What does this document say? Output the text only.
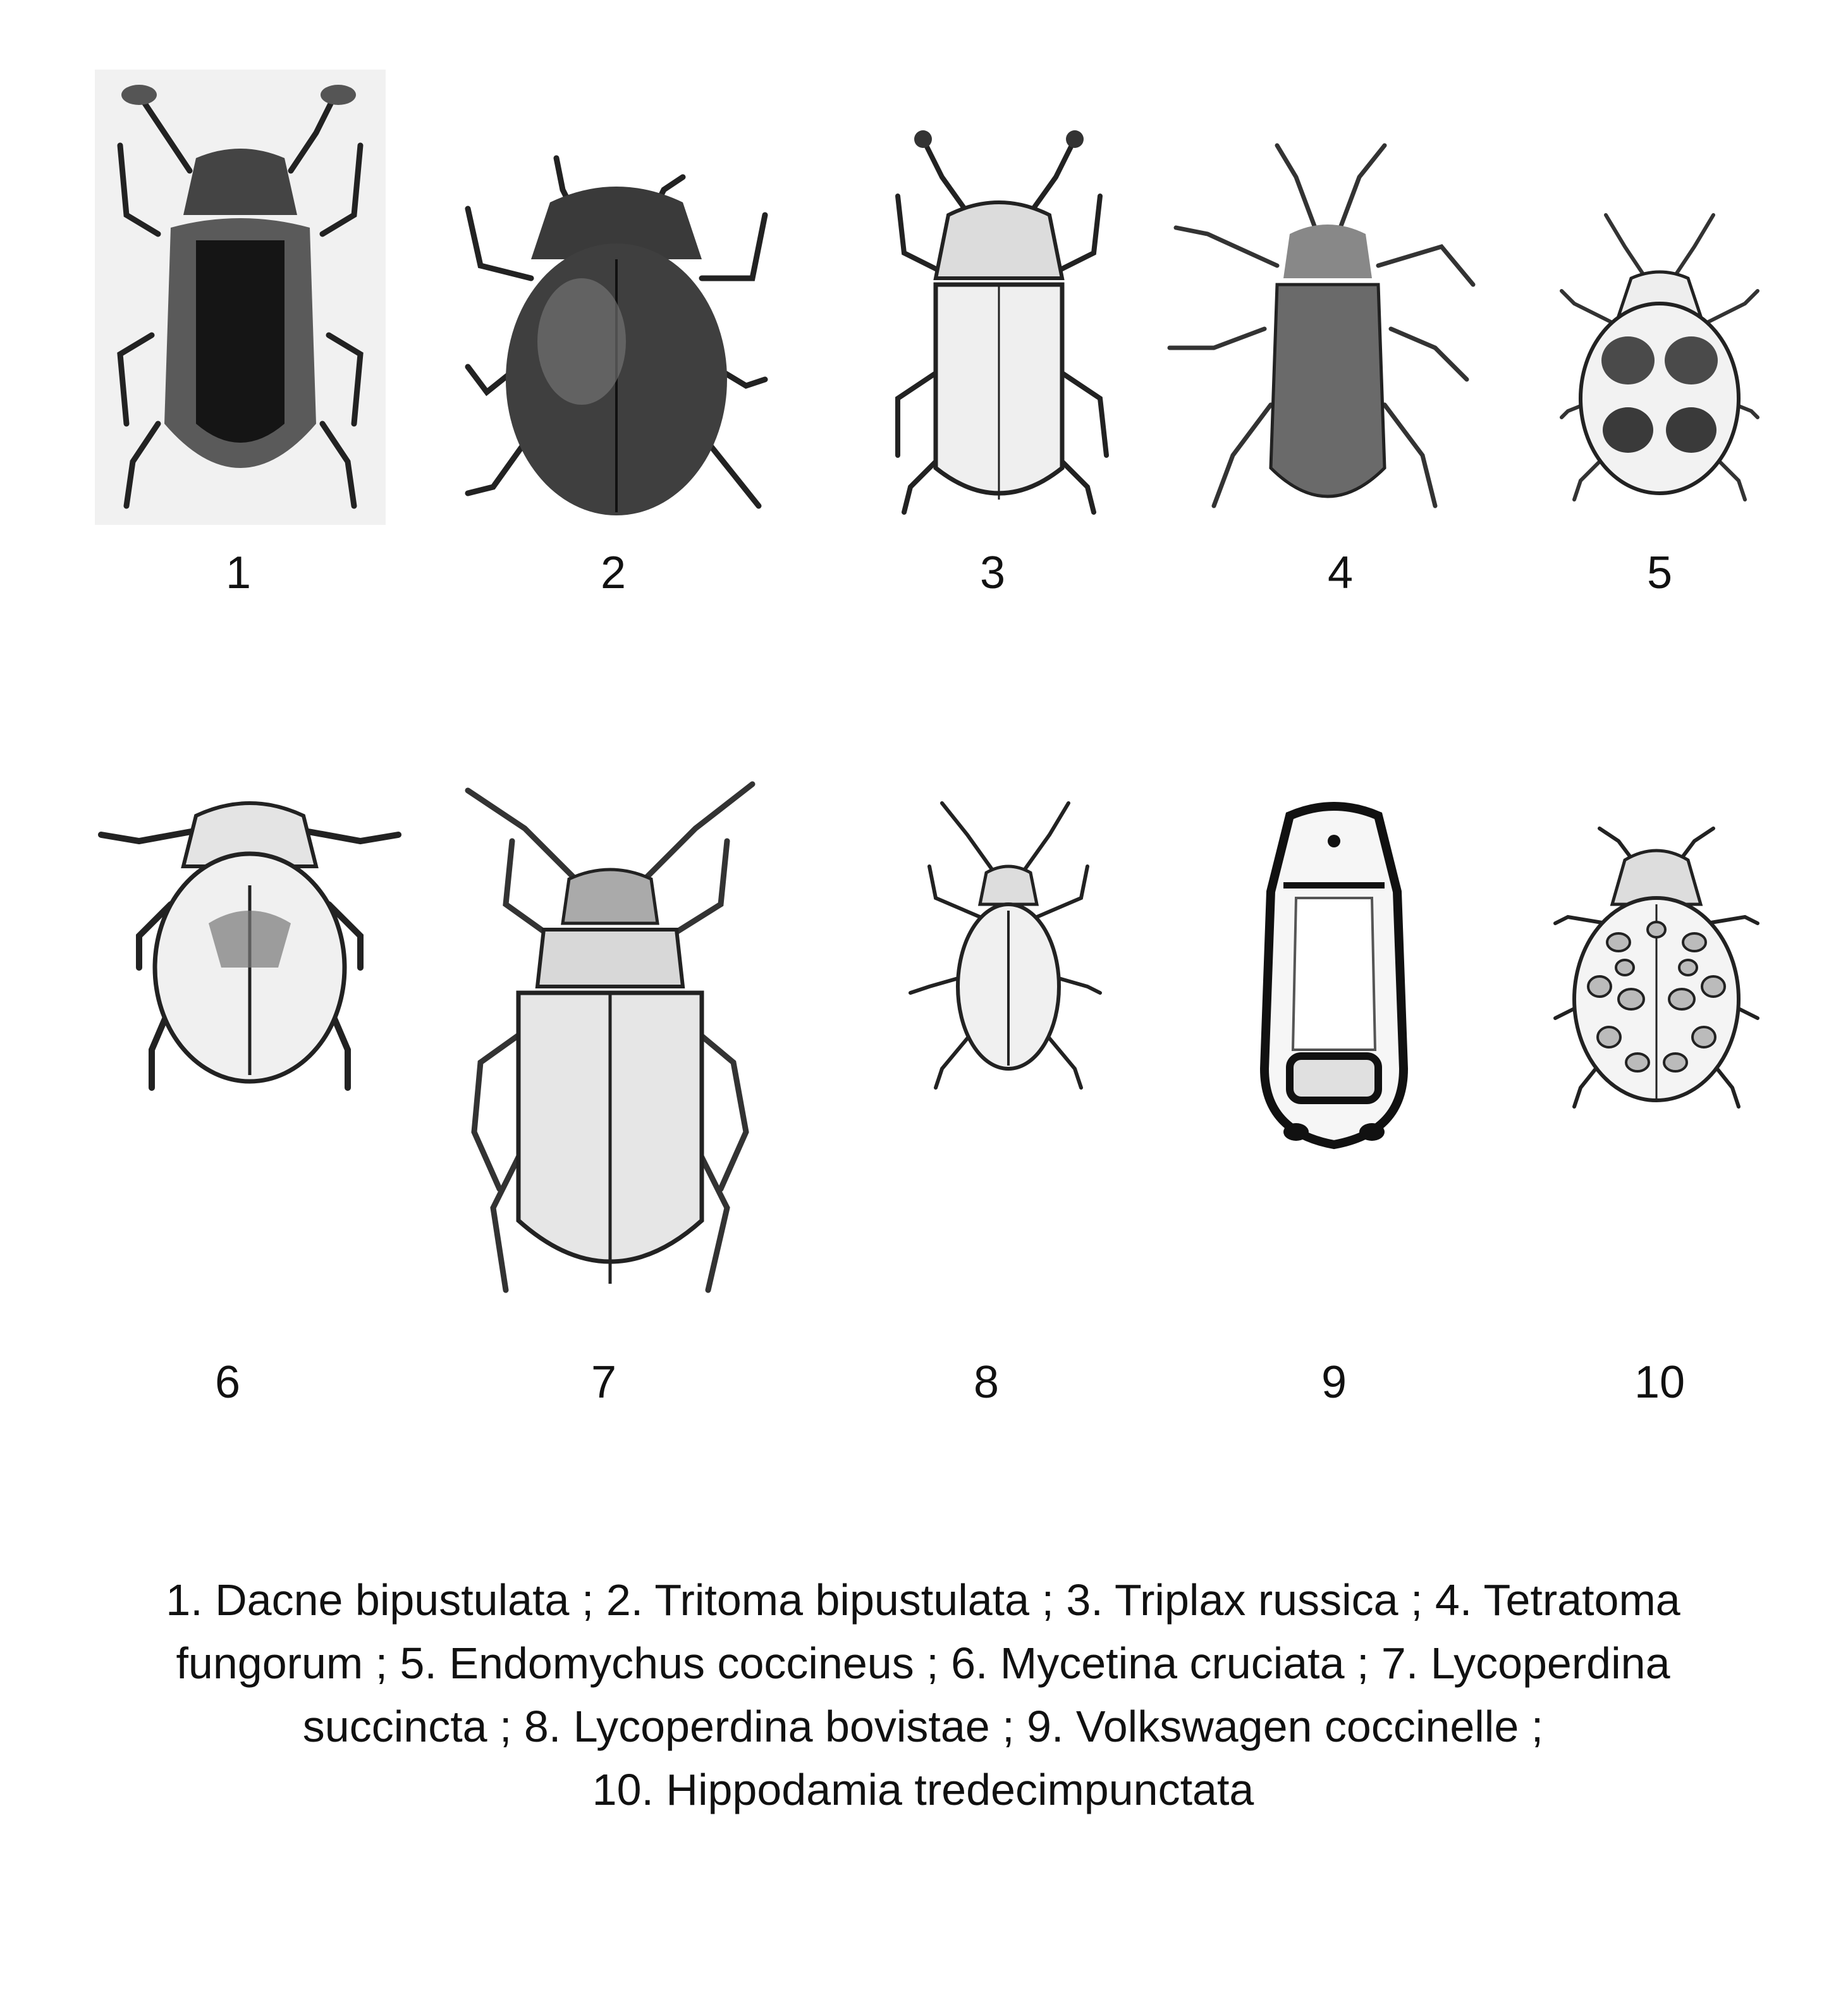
1	2	3	4	5
6	7	8	9	10
1. Dacne bipustulata ; 2. Tritoma bipustulata ; 3. Triplax russica ; 4. Tetratoma
fungorum ; 5. Endomychus coccineus ; 6. Mycetina cruciata ; 7. Lycoperdina
succincta ; 8. Lycoperdina bovistae ; 9. Volkswagen coccinelle ;
10. Hippodamia tredecimpunctata
